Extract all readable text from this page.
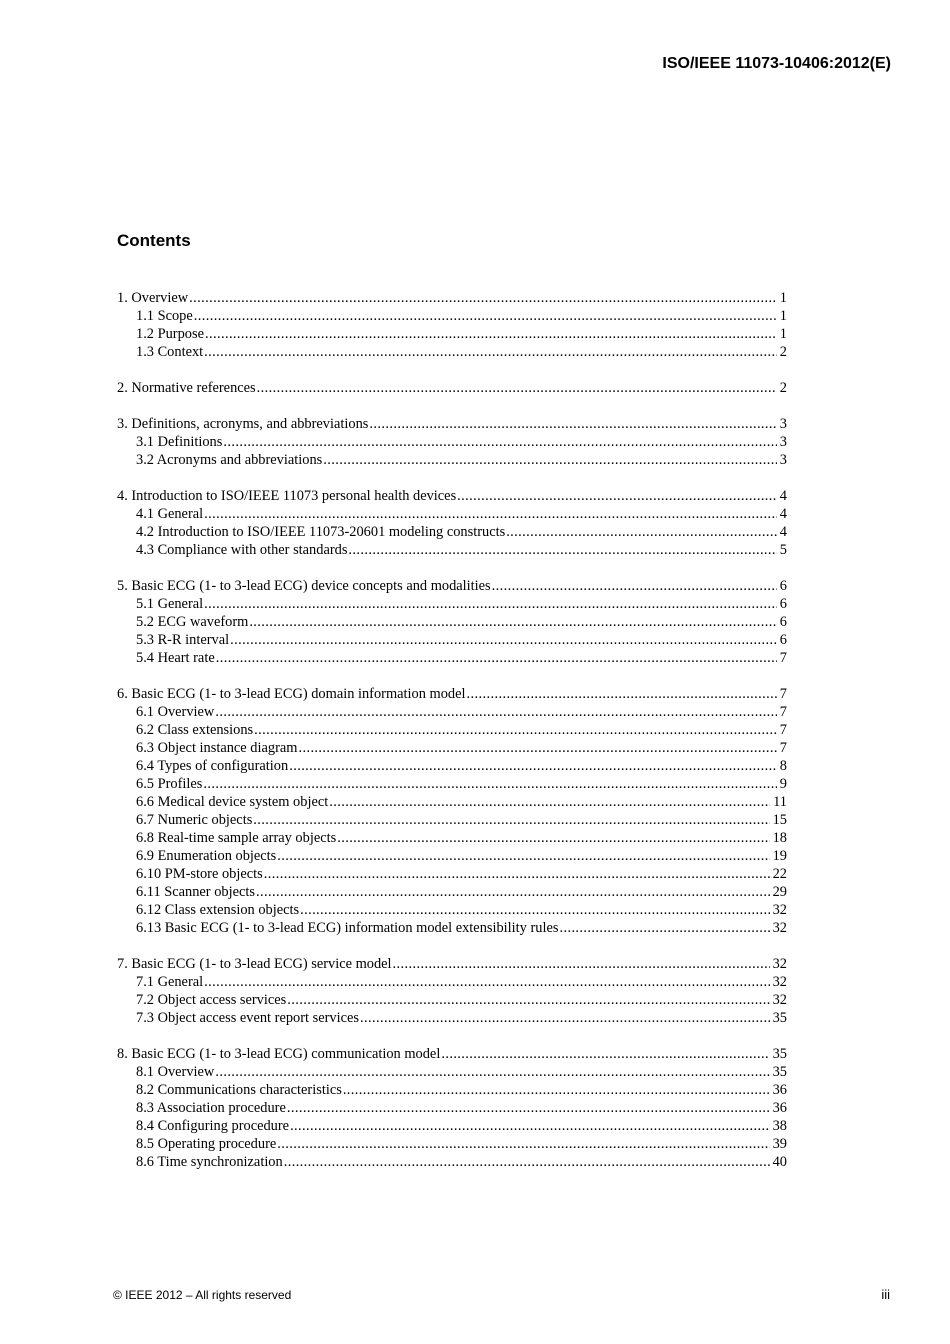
ISO/IEEE 11073-10406:2012(E)
Contents
1. Overview . . .	1
1.1 Scope . . .	1
1.2 Purpose . . .	1
1.3 Context . . .	2
2. Normative references . . .	2
3. Definitions, acronyms, and abbreviations . . .	3
3.1 Definitions . . .	3
3.2 Acronyms and abbreviations . . .	3
4. Introduction to ISO/IEEE 11073 personal health devices . . .	4
4.1 General . . .	4
4.2 Introduction to ISO/IEEE 11073-20601 modeling constructs . . .	4
4.3 Compliance with other standards . . .	5
5. Basic ECG (1- to 3-lead ECG) device concepts and modalities . . .	6
5.1 General . . .	6
5.2 ECG waveform . . .	6
5.3 R-R interval . . .	6
5.4 Heart rate . . .	7
6. Basic ECG (1- to 3-lead ECG) domain information model . . .	7
6.1 Overview . . .	7
6.2 Class extensions . . .	7
6.3 Object instance diagram . . .	7
6.4 Types of configuration . . .	8
6.5 Profiles . . .	9
6.6 Medical device system object . . .	11
6.7 Numeric objects . . .	15
6.8 Real-time sample array objects . . .	18
6.9 Enumeration objects . . .	19
6.10 PM-store objects . . .	22
6.11 Scanner objects . . .	29
6.12 Class extension objects . . .	32
6.13 Basic ECG (1- to 3-lead ECG) information model extensibility rules . . .	32
7. Basic ECG (1- to 3-lead ECG) service model . . .	32
7.1 General . . .	32
7.2 Object access services . . .	32
7.3 Object access event report services . . .	35
8. Basic ECG (1- to 3-lead ECG) communication model . . .	35
8.1 Overview . . .	35
8.2 Communications characteristics . . .	36
8.3 Association procedure . . .	36
8.4 Configuring procedure . . .	38
8.5 Operating procedure . . .	39
8.6 Time synchronization . . .	40
© IEEE 2012 – All rights reserved	iii
